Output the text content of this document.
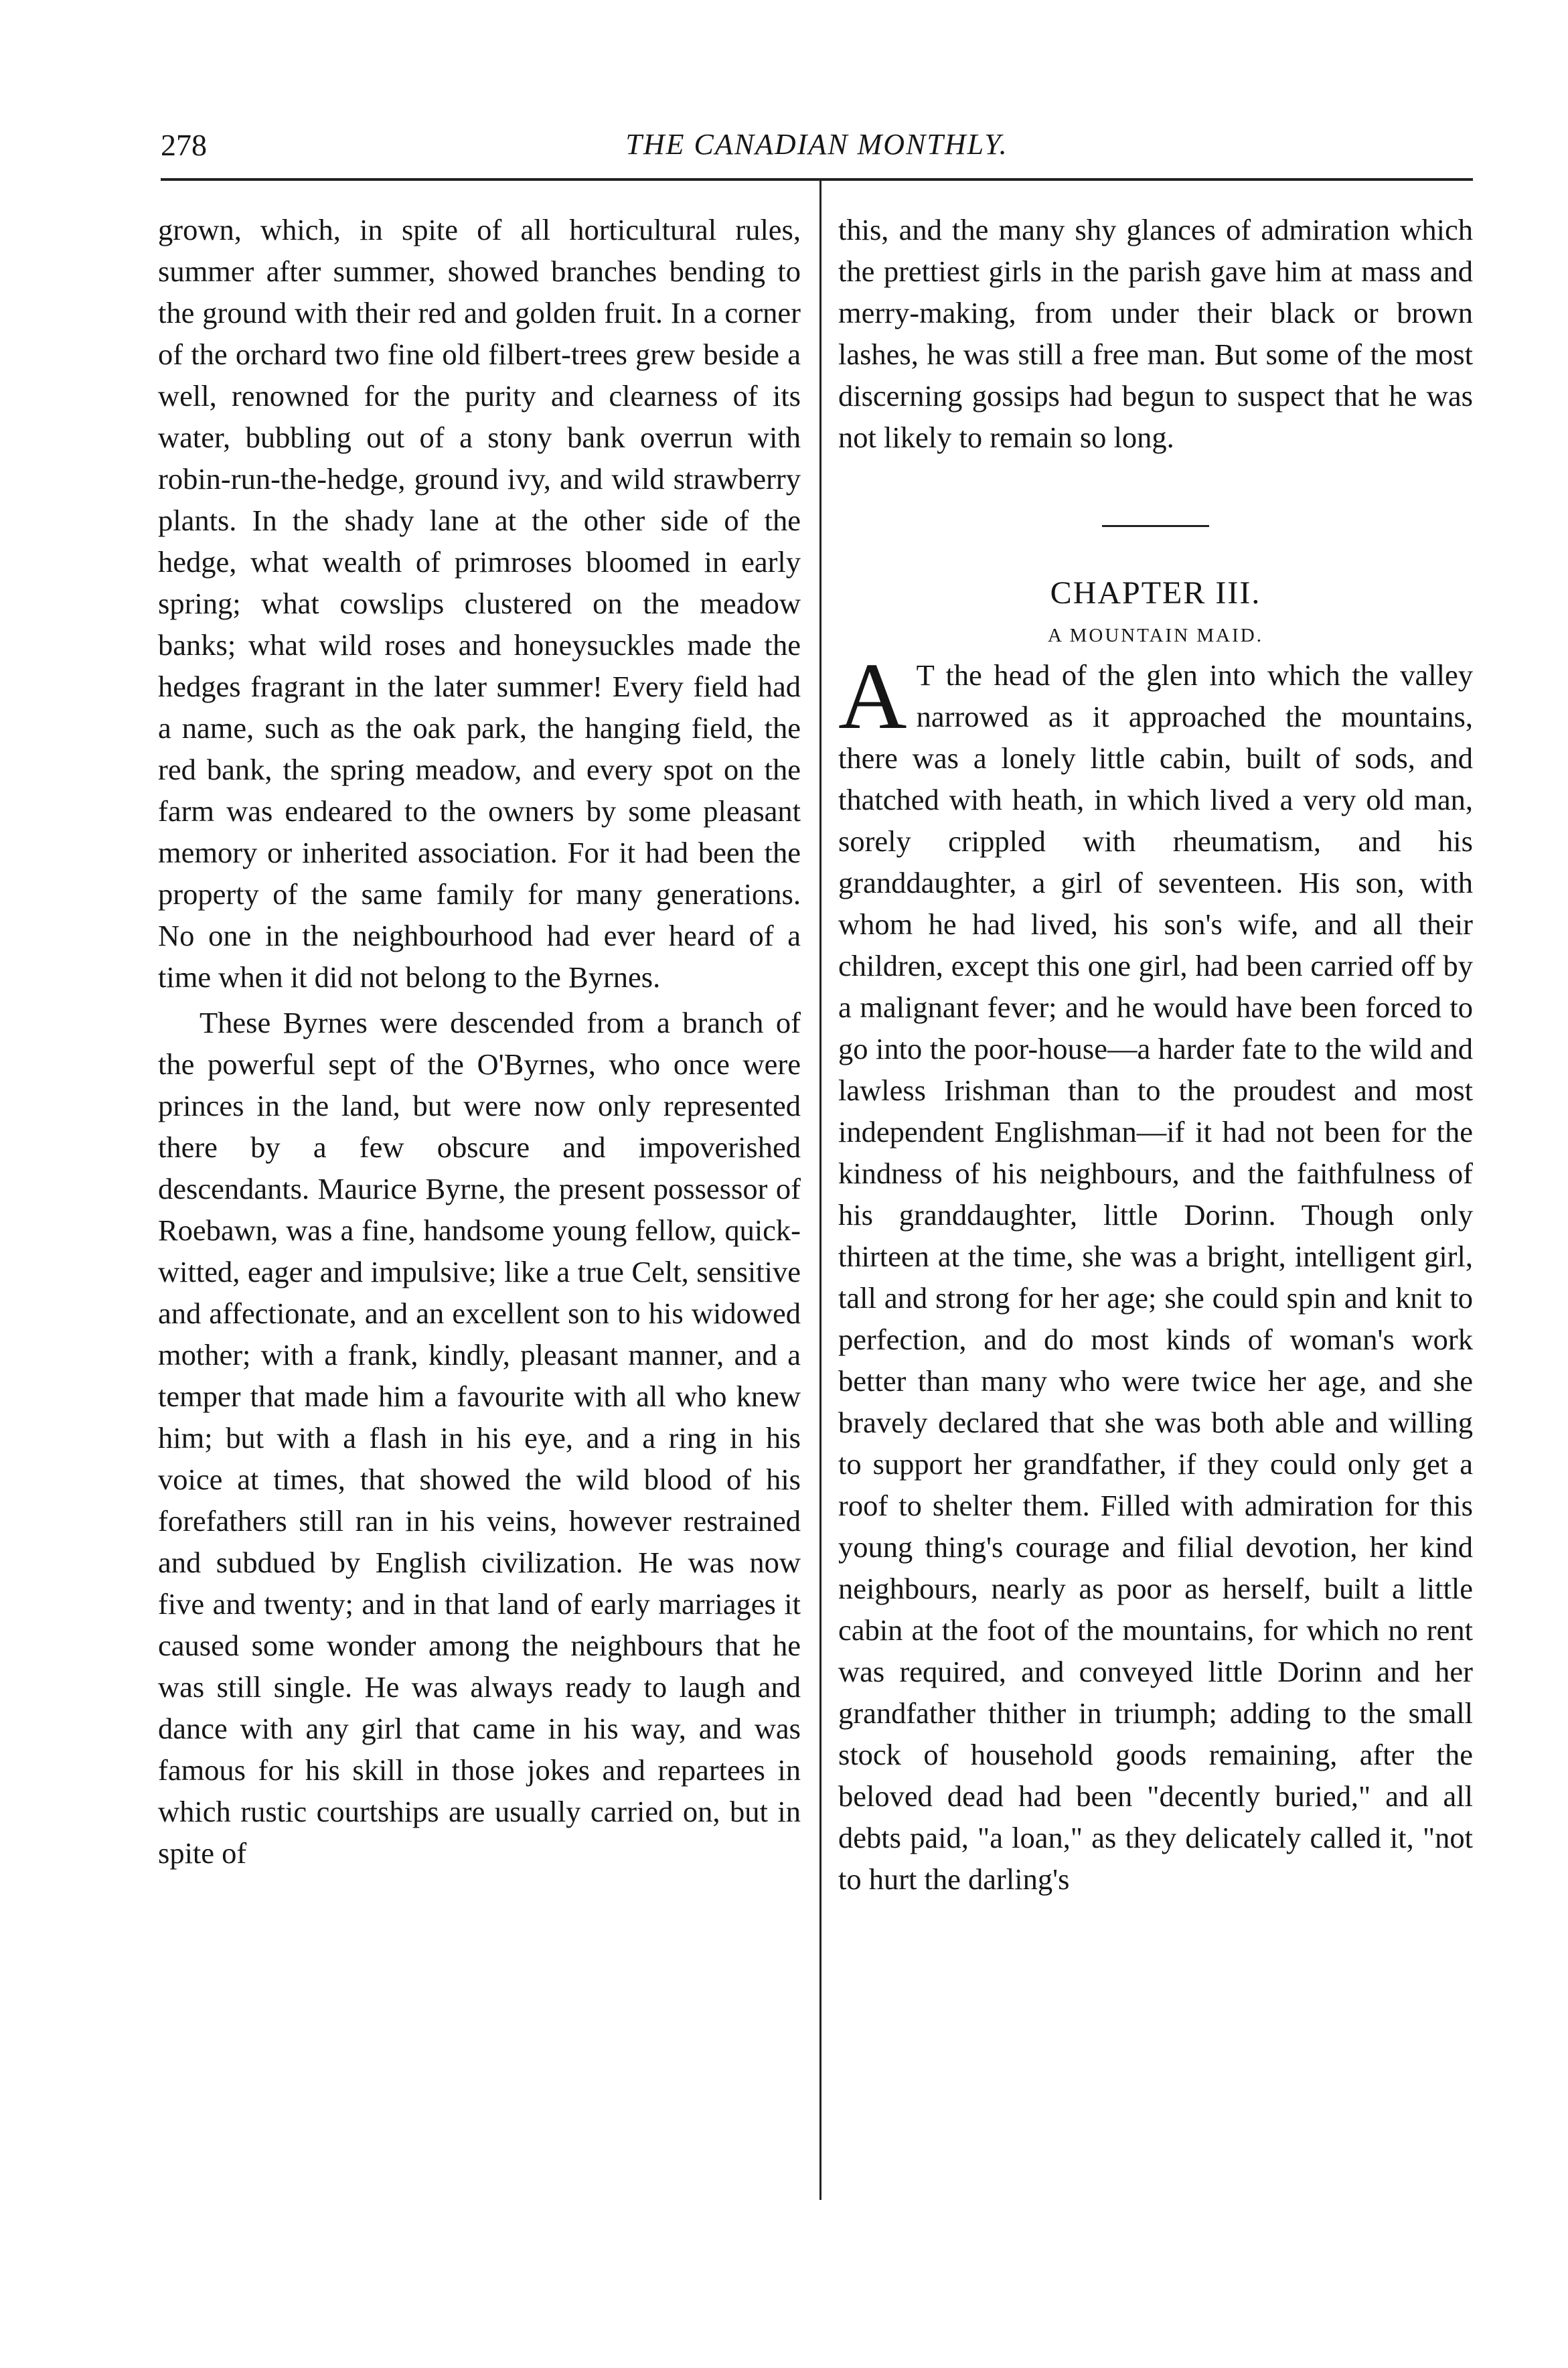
278	THE CANADIAN MONTHLY.

grown, which, in spite of all horticultural rules, summer after summer, showed branches bending to the ground with their red and golden fruit. In a corner of the orchard two fine old filbert-trees grew beside a well, renowned for the purity and clearness of its water, bubbling out of a stony bank overrun with robin-run-the-hedge, ground ivy, and wild strawberry plants. In the shady lane at the other side of the hedge, what wealth of primroses bloomed in early spring; what cowslips clustered on the meadow banks; what wild roses and honeysuckles made the hedges fragrant in the later summer! Every field had a name, such as the oak park, the hanging field, the red bank, the spring meadow, and every spot on the farm was endeared to the owners by some pleasant memory or inherited association. For it had been the property of the same family for many generations. No one in the neighbourhood had ever heard of a time when it did not belong to the Byrnes.

These Byrnes were descended from a branch of the powerful sept of the O'Byrnes, who once were princes in the land, but were now only represented there by a few obscure and impoverished descendants. Maurice Byrne, the present possessor of Roebawn, was a fine, handsome young fellow, quick-witted, eager and impulsive; like a true Celt, sensitive and affectionate, and an excellent son to his widowed mother; with a frank, kindly, pleasant manner, and a temper that made him a favourite with all who knew him; but with a flash in his eye, and a ring in his voice at times, that showed the wild blood of his forefathers still ran in his veins, however restrained and subdued by English civilization. He was now five and twenty; and in that land of early marriages it caused some wonder among the neighbours that he was still single. He was always ready to laugh and dance with any girl that came in his way, and was famous for his skill in those jokes and repartees in which rustic courtships are usually carried on, but in spite of

this, and the many shy glances of admiration which the prettiest girls in the parish gave him at mass and merry-making, from under their black or brown lashes, he was still a free man. But some of the most discerning gossips had begun to suspect that he was not likely to remain so long.

CHAPTER III.

A MOUNTAIN MAID.

A T the head of the glen into which the valley narrowed as it approached the mountains, there was a lonely little cabin, built of sods, and thatched with heath, in which lived a very old man, sorely crippled with rheumatism, and his granddaughter, a girl of seventeen. His son, with whom he had lived, his son's wife, and all their children, except this one girl, had been carried off by a malignant fever; and he would have been forced to go into the poor-house—a harder fate to the wild and lawless Irishman than to the proudest and most independent Englishman—if it had not been for the kindness of his neighbours, and the faithfulness of his granddaughter, little Dorinn. Though only thirteen at the time, she was a bright, intelligent girl, tall and strong for her age; she could spin and knit to perfection, and do most kinds of woman's work better than many who were twice her age, and she bravely declared that she was both able and willing to support her grandfather, if they could only get a roof to shelter them. Filled with admiration for this young thing's courage and filial devotion, her kind neighbours, nearly as poor as herself, built a little cabin at the foot of the mountains, for which no rent was required, and conveyed little Dorinn and her grandfather thither in triumph; adding to the small stock of household goods remaining, after the beloved dead had been "decently buried," and all debts paid, "a loan," as they delicately called it, "not to hurt the darling's
